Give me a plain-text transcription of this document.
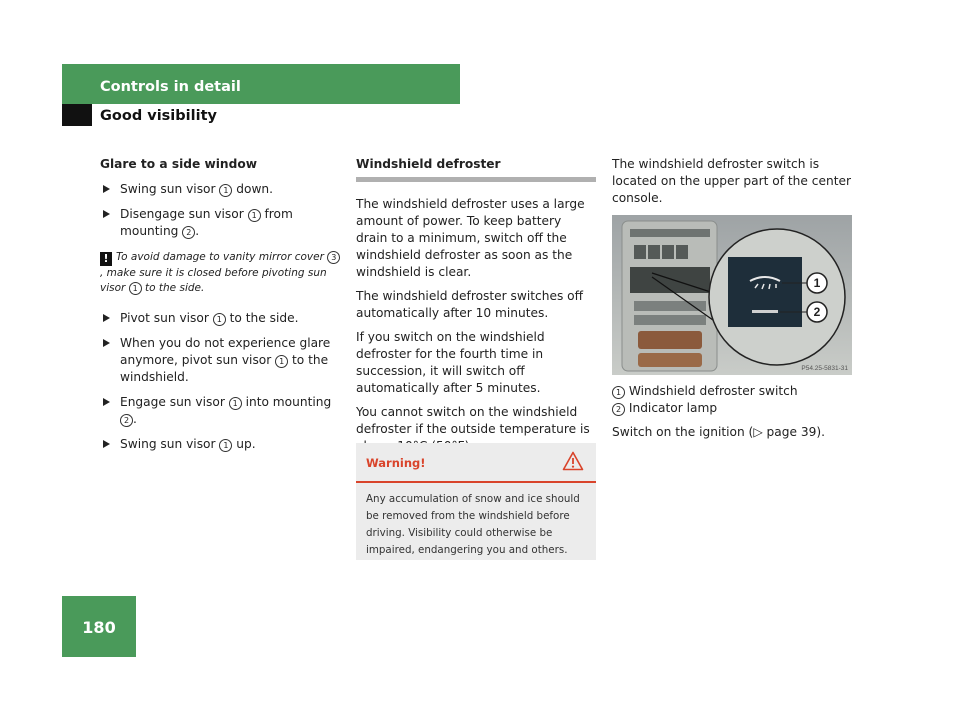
Controls in detail
Good visibility
Glare to a side window
Swing sun visor 1 down.
Disengage sun visor 1 from mounting 2 .
! To avoid damage to vanity mirror cover 3, make sure it is closed before pivoting sun visor 1 to the side.
Pivot sun visor 1 to the side.
When you do not experience glare anymore, pivot sun visor 1 to the windshield.
Engage sun visor 1 into mounting 2 .
Swing sun visor 1 up.
Windshield defroster

The windshield defroster uses a large amount of power. To keep battery drain to a minimum, switch off the windshield defroster as soon as the windshield is clear.

The windshield defroster switches off automatically after 10 minutes.

If you switch on the windshield defroster for the fourth time in succession, it will switch off automatically after 5 minutes.

You cannot switch on the windshield defroster if the outside temperature is

Warning!
Any accumulation of snow and ice should be removed from the windshield before driving. Visibility could otherwise be impaired, endangering you and others.

The windshield defroster switch is located on the upper part of the center console.

1
2
P54.25-5831-31
1 Windshield defroster switch
2 Indicator lamp

Switch on the ignition (▷ page 39).

180
